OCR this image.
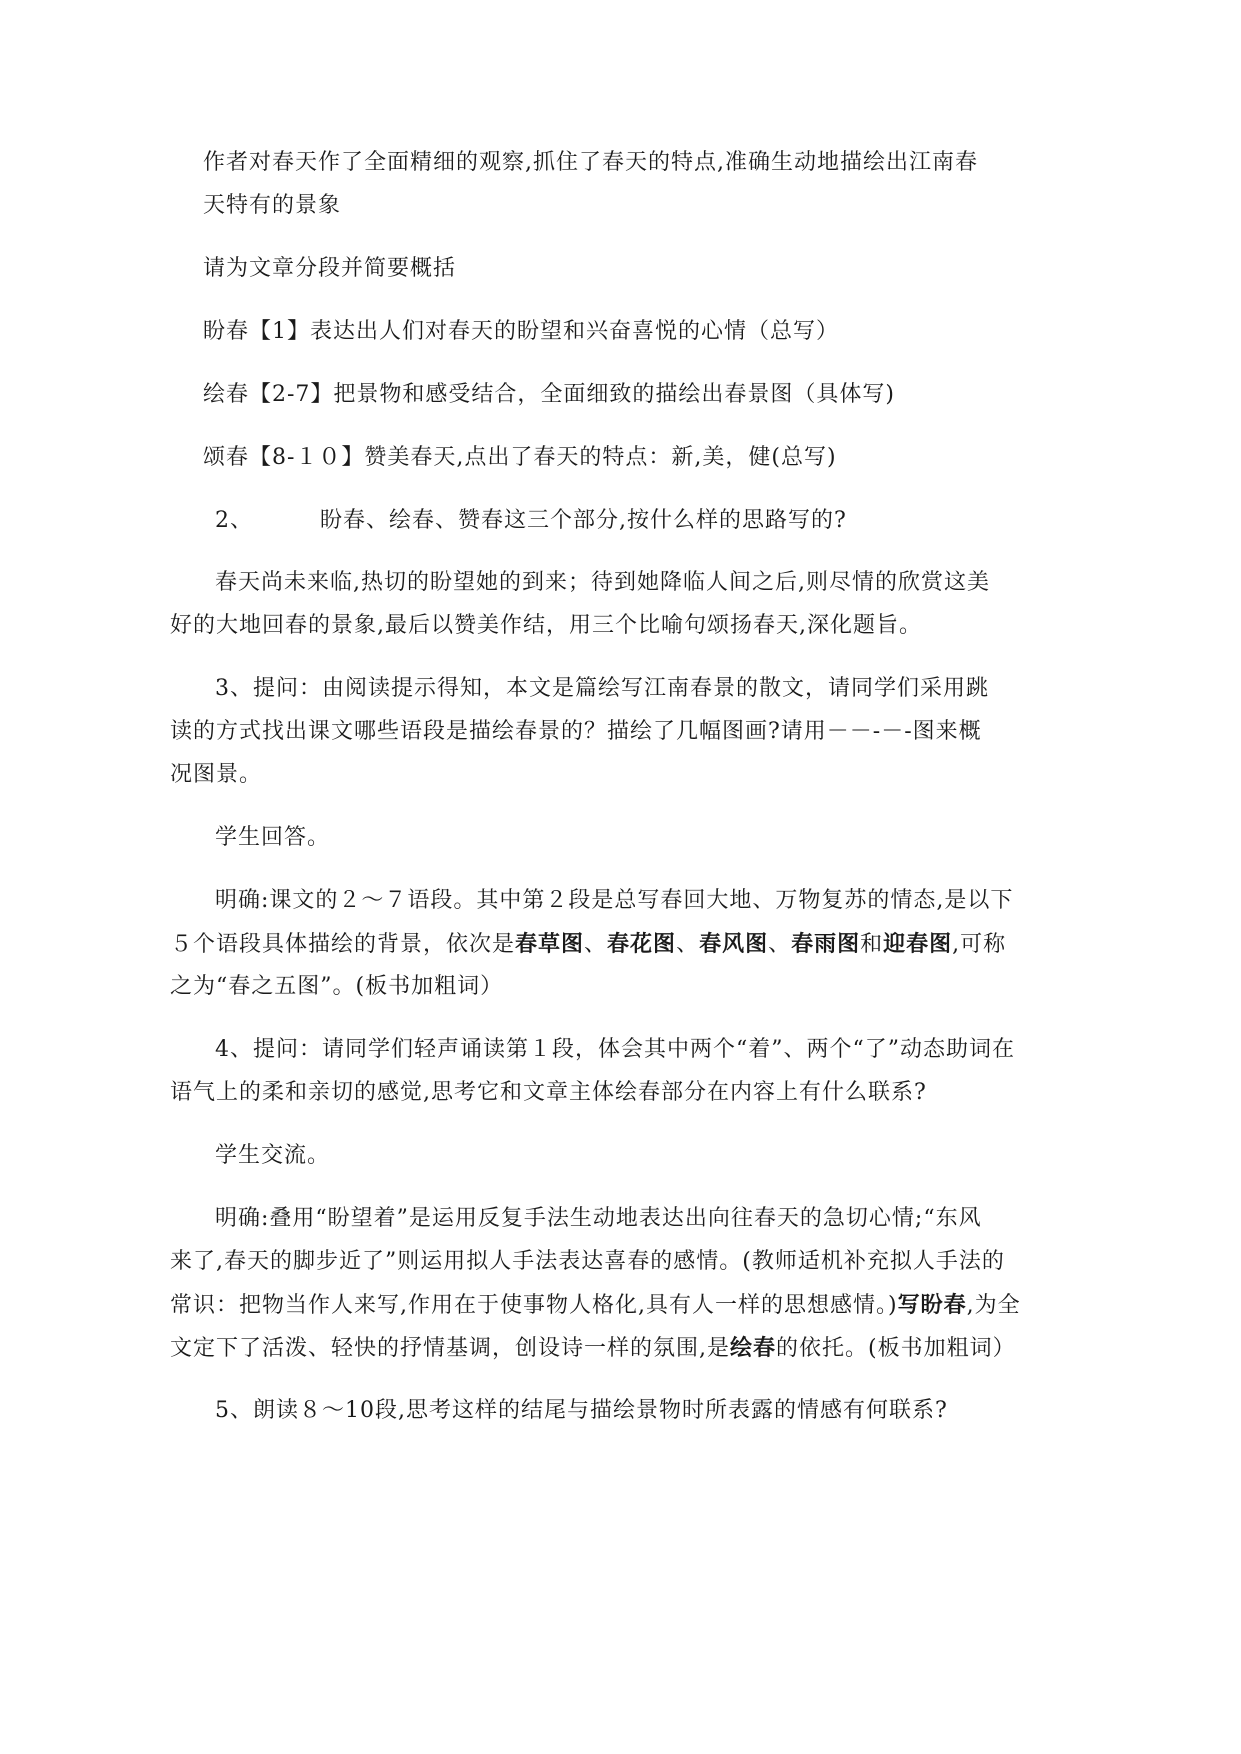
作者对春天作了全面精细的观察,抓住了春天的特点,准确生动地描绘出江南春
天特有的景象
请为文章分段并简要概括
盼春【1】表达出人们对春天的盼望和兴奋喜悦的心情（总写）
绘春【2-7】把景物和感受结合，全面细致的描绘出春景图（具体写)
颂春【8-１０】赞美春天,点出了春天的特点：新,美，健(总写)
2、	盼春、绘春、赞春这三个部分,按什么样的思路写的?
春天尚未来临,热切的盼望她的到来；待到她降临人间之后,则尽情的欣赏这美
好的大地回春的景象,最后以赞美作结，用三个比喻句颂扬春天,深化题旨。
3、提问：由阅读提示得知，本文是篇绘写江南春景的散文，请同学们采用跳
读的方式找出课文哪些语段是描绘春景的？描绘了几幅图画?请用－－-－-图来概
况图景。
学生回答。
明确:课文的２～７语段。其中第２段是总写春回大地、万物复苏的情态,是以下
５个语段具体描绘的背景，依次是春草图、春花图、春风图、春雨图和迎春图,可称
之为“春之五图”。(板书加粗词）
4、提问：请同学们轻声诵读第１段，体会其中两个“着”、两个“了”动态助词在
语气上的柔和亲切的感觉,思考它和文章主体绘春部分在内容上有什么联系?
学生交流。
明确:叠用“盼望着”是运用反复手法生动地表达出向往春天的急切心情;“东风
来了,春天的脚步近了”则运用拟人手法表达喜春的感情。(教师适机补充拟人手法的
常识：把物当作人来写,作用在于使事物人格化,具有人一样的思想感情。)写盼春,为全
文定下了活泼、轻快的抒情基调，创设诗一样的氛围,是绘春的依托。(板书加粗词）
5、朗读８～10段,思考这样的结尾与描绘景物时所表露的情感有何联系?
